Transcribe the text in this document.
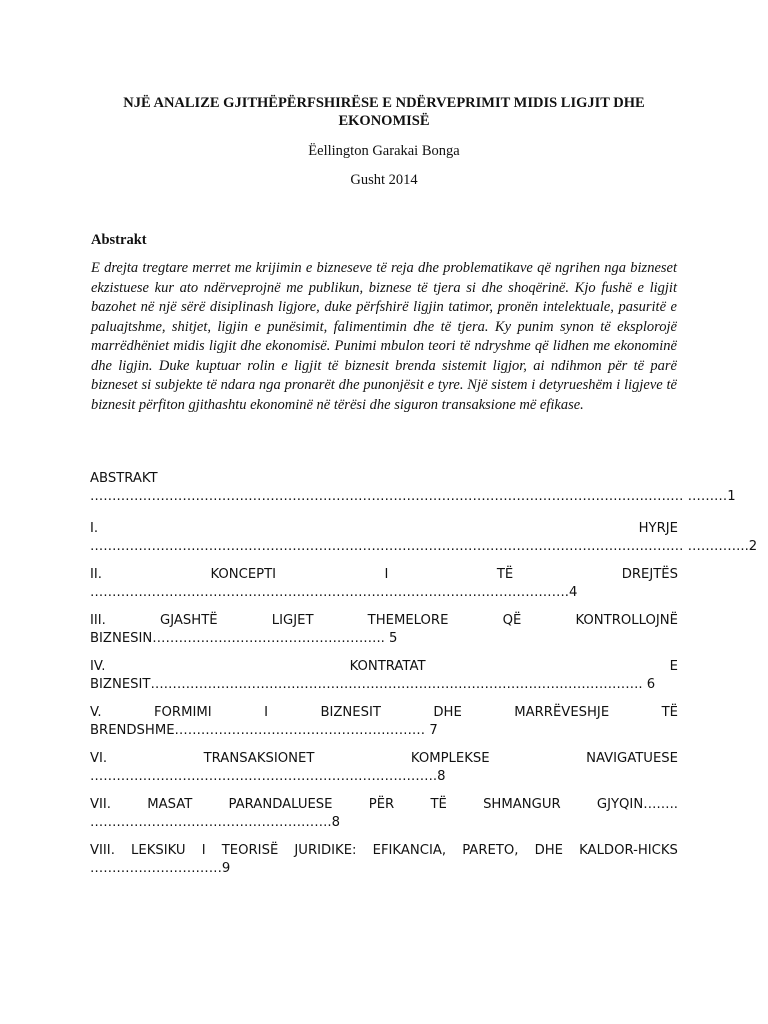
NJË ANALIZE GJITHËPËRFSHIRËSE E NDËRVEPRIMIT MIDIS LIGJIT DHE EKONOMISË
Ëellington Garakai Bonga
Gusht 2014
Abstrakt
E drejta tregtare merret me krijimin e bizneseve të reja dhe problematikave që ngrihen nga bizneset ekzistuese kur ato ndërveprojnë me publikun, biznese të tjera si dhe shoqërinë. Kjo fushë e ligjit bazohet në një sërë disiplinash ligjore, duke përfshirë ligjin tatimor, pronën intelektuale, pasuritë e paluajtshme, shitjet, ligjin e punësimit, falimentimin dhe të tjera. Ky punim synon të eksplorojë marrëdhëniet midis ligjit dhe ekonomisë. Punimi mbulon teori të ndryshme që lidhen me ekonominë dhe ligjin. Duke kuptuar rolin e ligjit të biznesit brenda sistemit ligjor, ai ndihmon për të parë bizneset si subjekte të ndara nga pronarët dhe punonjësit e tyre. Një sistem i detyrueshëm i ligjeve të biznesit përfiton gjithashtu ekonominë në tërësi dhe siguron transaksione më efikase.
ABSTRAKT
……………………………………………………………………………………………………………………… ………1
I.	HYRJE
……………………………………………………………………………………………………………………… …………..2
II.	KONCEPTI	I	TË	DREJTËS
……………………………………………………………………………………………….4
III.	GJASHTË	LIGJET	THEMELORE	QË	KONTROLLOJNË
BIZNESIN…………………………………………….. 5
IV.	KONTRATAT	E
BIZNESIT…………………………………………………………………………………………………. 6
V.	FORMIMI	I	BIZNESIT	DHE	MARRËVESHJE	TË
BRENDSHME………………………………………………… 7
VI.	TRANSAKSIONET	KOMPLEKSE	NAVIGATUESE
…………………………………………………………………….8
VII.	MASAT	PARANDALUESE	PËR	TË	SHMANGUR	GJYQIN……..
……………………………………………….8
VIII. LEKSIKU I TEORISË JURIDIKE: EFIKANCIA, PARETO, DHE KALDOR-HICKS
…………………………9
